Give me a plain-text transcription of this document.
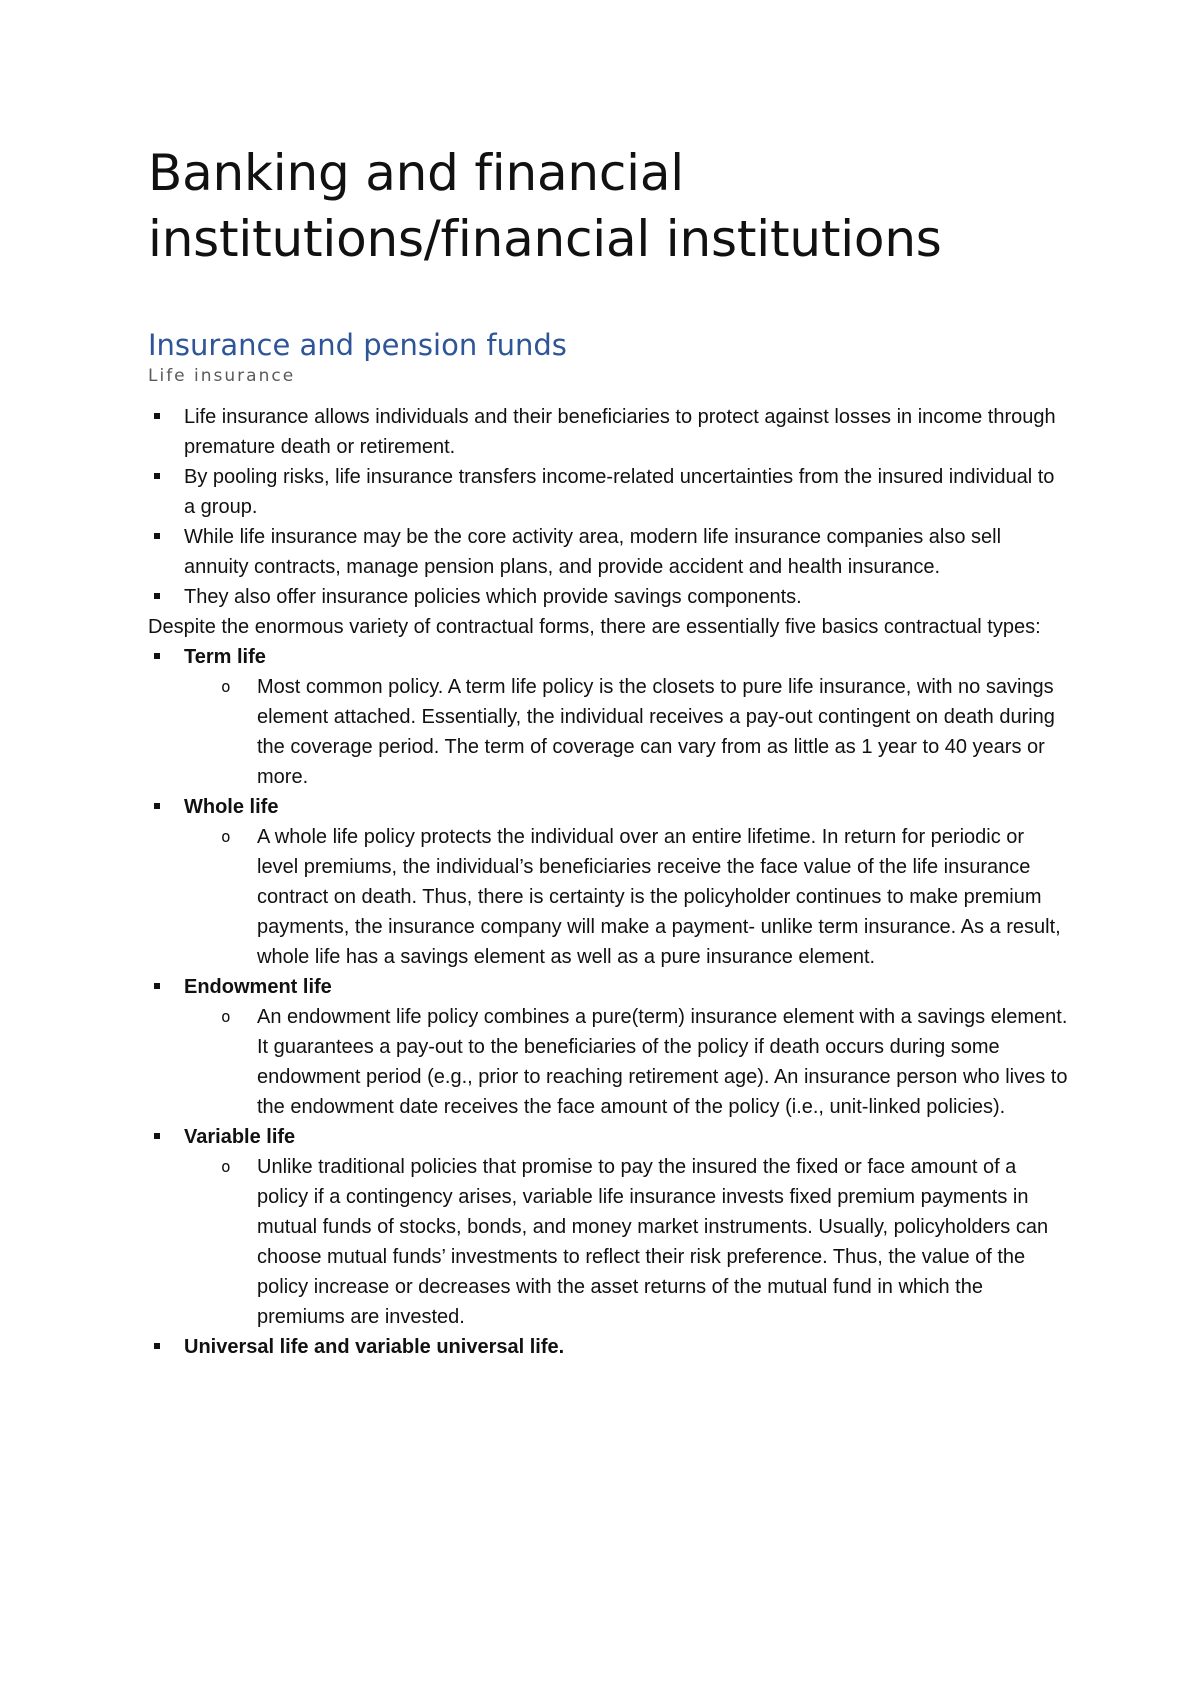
Banking and financial institutions/financial institutions
Insurance and pension funds
Life insurance
Life insurance allows individuals and their beneficiaries to protect against losses in income through premature death or retirement.
By pooling risks, life insurance transfers income-related uncertainties from the insured individual to a group.
While life insurance may be the core activity area, modern life insurance companies also sell annuity contracts, manage pension plans, and provide accident and health insurance.
They also offer insurance policies which provide savings components.
Despite the enormous variety of contractual forms, there are essentially five basics contractual types:
Term life
o Most common policy. A term life policy is the closets to pure life insurance, with no savings element attached. Essentially, the individual receives a pay-out contingent on death during the coverage period. The term of coverage can vary from as little as 1 year to 40 years or more.
Whole life
o A whole life policy protects the individual over an entire lifetime. In return for periodic or level premiums, the individual’s beneficiaries receive the face value of the life insurance contract on death. Thus, there is certainty is the policyholder continues to make premium payments, the insurance company will make a payment- unlike term insurance. As a result, whole life has a savings element as well as a pure insurance element.
Endowment life
o An endowment life policy combines a pure(term) insurance element with a savings element. It guarantees a pay-out to the beneficiaries of the policy if death occurs during some endowment period (e.g., prior to reaching retirement age). An insurance person who lives to the endowment date receives the face amount of the policy (i.e., unit-linked policies).
Variable life
o Unlike traditional policies that promise to pay the insured the fixed or face amount of a policy if a contingency arises, variable life insurance invests fixed premium payments in mutual funds of stocks, bonds, and money market instruments. Usually, policyholders can choose mutual funds’ investments to reflect their risk preference. Thus, the value of the policy increase or decreases with the asset returns of the mutual fund in which the premiums are invested.
Universal life and variable universal life.
